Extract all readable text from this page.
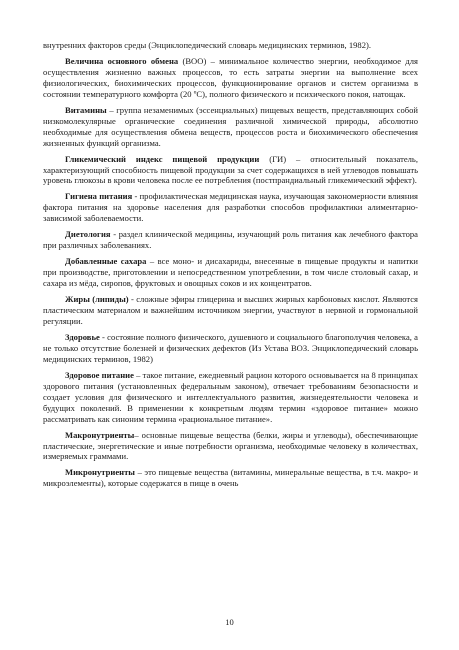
внутренних факторов среды (Энциклопедический словарь медицинских терминов, 1982).

Величина основного обмена (ВОО) – минимальное количество энергии, необходимое для осуществления жизненно важных процессов, то есть затраты энергии на выполнение всех физиологических, биохимических процессов, функционирование органов и систем организма в состоянии температурного комфорта (20 ºС), полного физического и психического покоя, натощак.

Витамины – группа незаменимых (эссенциальных) пищевых веществ, представляющих собой низкомолекулярные органические соединения различной химической природы, абсолютно необходимые для осуществления обмена веществ, процессов роста и биохимического обеспечения жизненных функций организма.

Гликемический индекс пищевой продукции (ГИ) – относительный показатель, характеризующий способность пищевой продукции за счет содержащихся в ней углеводов повышать уровень глюкозы в крови человека после ее потребления (постпрандиальный гликемический эффект).

Гигиена питания - профилактическая медицинская наука, изучающая закономерности влияния фактора питания на здоровье населения для разработки способов профилактики алиментарно-зависимой заболеваемости.

Диетология - раздел клинической медицины, изучающий роль питания как лечебного фактора при различных заболеваниях.

Добавленные сахара – все моно- и дисахариды, внесенные в пищевые продукты и напитки при производстве, приготовлении и непосредственном употреблении, в том числе столовый сахар, и сахара из мёда, сиропов, фруктовых и овощных соков и их концентратов.

Жиры (липиды) - сложные эфиры глицерина и высших жирных карбоновых кислот. Являются пластическим материалом и важнейшим источником энергии, участвуют в нервной и гормональной регуляции.

Здоровье - состояние полного физического, душевного и социального благополучия человека, а не только отсутствие болезней и физических дефектов (Из Устава ВОЗ. Энциклопедический словарь медицинских терминов, 1982)

Здоровое питание – такое питание, ежедневный рацион которого основывается на 8 принципах здорового питания (установленных федеральным законом), отвечает требованиям безопасности и создает условия для физического и интеллектуального развития, жизнедеятельности человека и будущих поколений. В применении к конкретным людям термин «здоровое питание» можно рассматривать как синоним термина «рациональное питание».

Макронутриенты– основные пищевые вещества (белки, жиры и углеводы), обеспечивающие пластические, энергетические и иные потребности организма, необходимые человеку в количествах, измеряемых граммами.

Микронутриенты – это пищевые вещества (витамины, минеральные вещества, в т.ч. макро- и микроэлементы), которые содержатся в пище в очень

10
